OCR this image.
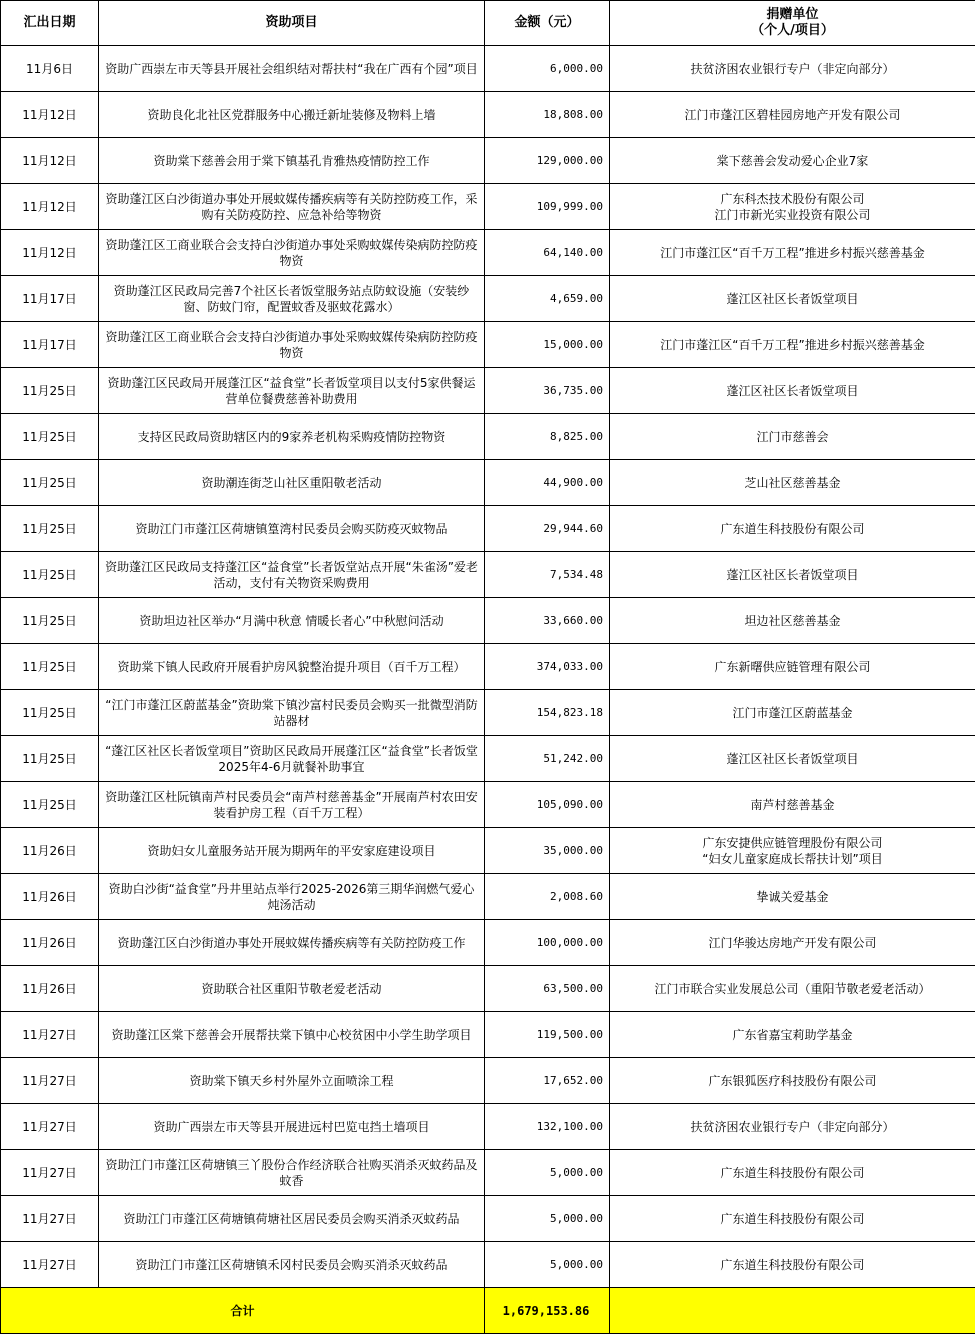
汇出日期	资助项目	金额（元）	捐赠单位
（个人/项目）

11月6日	资助广西崇左市天等县开展社会组织结对帮扶村“我在广西有个园”项目	6,000.00	扶贫济困农业银行专户（非定向部分）

11月12日	资助良化北社区党群服务中心搬迁新址装修及物料上墙	18,808.00	江门市蓬江区碧桂园房地产开发有限公司

11月12日	资助棠下慈善会用于棠下镇基孔肯雅热疫情防控工作	129,000.00	棠下慈善会发动爱心企业7家

11月12日	资助蓬江区白沙街道办事处开展蚊媒传播疾病等有关防控防疫工作，采购有关防疫防控、应急补给等物资	109,999.00	广东科杰技术股份有限公司
江门市新光实业投资有限公司

11月12日	资助蓬江区工商业联合会支持白沙街道办事处采购蚊媒传染病防控防疫物资	64,140.00	江门市蓬江区“百千万工程”推进乡村振兴慈善基金

11月17日	资助蓬江区民政局完善7个社区长者饭堂服务站点防蚊设施（安装纱窗、防蚊门帘，配置蚊香及驱蚊花露水）	4,659.00	蓬江区社区长者饭堂项目

11月17日	资助蓬江区工商业联合会支持白沙街道办事处采购蚊媒传染病防控防疫物资	15,000.00	江门市蓬江区“百千万工程”推进乡村振兴慈善基金

11月25日	资助蓬江区民政局开展蓬江区“益食堂”长者饭堂项目以支付5家供餐运营单位餐费慈善补助费用	36,735.00	蓬江区社区长者饭堂项目

11月25日	支持区民政局资助辖区内的9家养老机构采购疫情防控物资	8,825.00	江门市慈善会

11月25日	资助潮连街芝山社区重阳敬老活动	44,900.00	芝山社区慈善基金

11月25日	资助江门市蓬江区荷塘镇篁湾村民委员会购买防疫灭蚊物品	29,944.60	广东道生科技股份有限公司

11月25日	资助蓬江区民政局支持蓬江区“益食堂”长者饭堂站点开展“朱雀汤”爱老活动，支付有关物资采购费用	7,534.48	蓬江区社区长者饭堂项目

11月25日	资助坦边社区举办“月满中秋意 情暖长者心”中秋慰问活动	33,660.00	坦边社区慈善基金

11月25日	资助棠下镇人民政府开展看护房风貌整治提升项目（百千万工程）	374,033.00	广东新曙供应链管理有限公司

11月25日	“江门市蓬江区蔚蓝基金”资助棠下镇沙富村民委员会购买一批微型消防站器材	154,823.18	江门市蓬江区蔚蓝基金

11月25日	“蓬江区社区长者饭堂项目”资助区民政局开展蓬江区“益食堂”长者饭堂2025年4-6月就餐补助事宜	51,242.00	蓬江区社区长者饭堂项目

11月25日	资助蓬江区杜阮镇南芦村民委员会“南芦村慈善基金”开展南芦村农田安装看护房工程（百千万工程）	105,090.00	南芦村慈善基金

11月26日	资助妇女儿童服务站开展为期两年的平安家庭建设项目	35,000.00	广东安捷供应链管理股份有限公司
“妇女儿童家庭成长帮扶计划”项目

11月26日	资助白沙街“益食堂”丹井里站点举行2025-2026第三期华润燃气爱心炖汤活动	2,008.60	挚诚关爱基金

11月26日	资助蓬江区白沙街道办事处开展蚊媒传播疾病等有关防控防疫工作	100,000.00	江门华骏达房地产开发有限公司

11月26日	资助联合社区重阳节敬老爱老活动	63,500.00	江门市联合实业发展总公司（重阳节敬老爱老活动）

11月27日	资助蓬江区棠下慈善会开展帮扶棠下镇中心校贫困中小学生助学项目	119,500.00	广东省嘉宝莉助学基金

11月27日	资助棠下镇天乡村外屋外立面喷涂工程	17,652.00	广东银狐医疗科技股份有限公司

11月27日	资助广西崇左市天等县开展进远村巴览屯挡土墙项目	132,100.00	扶贫济困农业银行专户（非定向部分）

11月27日	资助江门市蓬江区荷塘镇三丫股份合作经济联合社购买消杀灭蚊药品及蚊香	5,000.00	广东道生科技股份有限公司

11月27日	资助江门市蓬江区荷塘镇荷塘社区居民委员会购买消杀灭蚊药品	5,000.00	广东道生科技股份有限公司

11月27日	资助江门市蓬江区荷塘镇禾冈村民委员会购买消杀灭蚊药品	5,000.00	广东道生科技股份有限公司

合计		1,679,153.86	
